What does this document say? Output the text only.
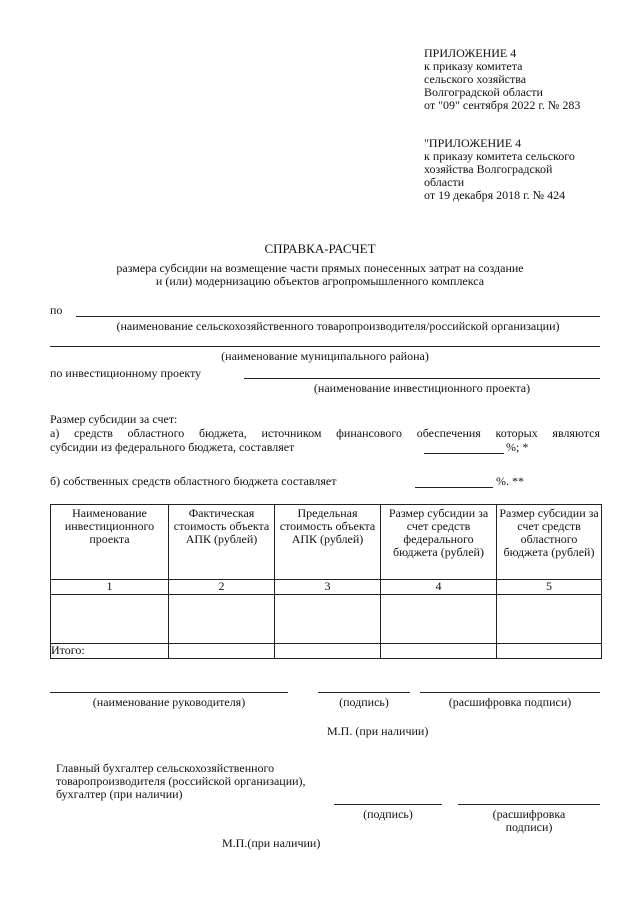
ПРИЛОЖЕНИЕ 4
к приказу комитета
сельского хозяйства
Волгоградской области
от "09" сентября 2022 г. № 283
"ПРИЛОЖЕНИЕ 4
к приказу комитета сельского
хозяйства Волгоградской
области
от 19 декабря 2018 г. № 424
СПРАВКА-РАСЧЕТ
размера субсидии на возмещение части прямых понесенных затрат на создание
и (или) модернизацию объектов агропромышленного комплекса
по
(наименование сельскохозяйственного товаропроизводителя/российской организации)
(наименование муниципального района)
по инвестиционному проекту
(наименование инвестиционного проекта)
Размер субсидии за счет:
а) средств областного бюджета, источником финансового обеспечения которых являются
субсидии из федерального бюджета, составляет	%; *
б) собственных средств областного бюджета составляет	%. **
Наименование инвестиционного проекта	Фактическая стоимость объекта АПК (рублей)	Предельная стоимость объекта АПК (рублей)	Размер субсидии за счет средств федерального бюджета (рублей)	Размер субсидии за счет средств областного бюджета (рублей)

1	2	3	4	5

Итого:				
(наименование руководителя)	(подпись)	(расшифровка подписи)
М.П. (при наличии)
Главный бухгалтер сельскохозяйственного
товаропроизводителя (российской организации),
бухгалтер (при наличии)
(подпись)	(расшифровка
подписи)
М.П.(при наличии)
